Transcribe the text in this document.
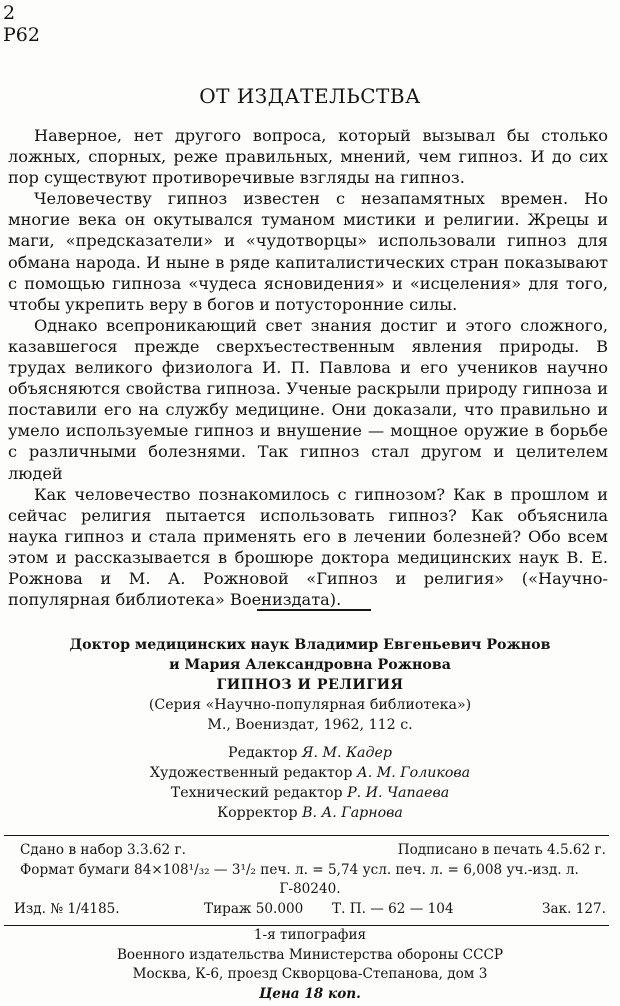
2
Р62
ОТ ИЗДАТЕЛЬСТВА

Наверное, нет другого вопроса, который вызывал бы столько ложных, спорных, реже правильных, мнений, чем гипноз. И до сих пор существуют противоречивые взгляды на гипноз.

Человечеству гипноз известен с незапамятных времен. Но многие века он окутывался туманом мистики и религии. Жрецы и маги, «предсказатели» и «чудотворцы» использовали гипноз для обмана народа. И ныне в ряде капиталистических стран показывают с помощью гипноза «чудеса ясновидения» и «исцеления» для того, чтобы укрепить веру в богов и потусторонние силы.

Однако всепроникающий свет знания достиг и этого сложного, казавшегося прежде сверхъестественным явления природы. В трудах великого физиолога И. П. Павлова и его учеников научно объясняются свойства гипноза. Ученые раскрыли природу гипноза и поставили его на службу медицине. Они доказали, что правильно и умело используемые гипноз и внушение — мощное оружие в борьбе с различными болезнями. Так гипноз стал другом и целителем людей

Как человечество познакомилось с гипнозом? Как в прошлом и сейчас религия пытается использовать гипноз? Как объяснила наука гипноз и стала применять его в лечении болезней? Обо всем этом и рассказывается в брошюре доктора медицинских наук В. Е. Рожнова и М. А. Рожновой «Гипноз и религия» («Научно-популярная библиотека» Воениздата).

Доктор медицинских наук Владимир Евгеньевич Рожнов
и Мария Александровна Рожнова
ГИПНОЗ И РЕЛИГИЯ
(Серия «Научно-популярная библиотека»)
М., Воениздат, 1962, 112 с.
Редактор Я. М. Кадер
Художественный редактор А. М. Голикова
Технический редактор Р. И. Чапаева
Корректор В. А. Гарнова
Сдано в набор 3.3.62 г.	Подписано в печать 4.5.62 г.
Формат бумаги 84×108¹/₃₂ — 3¹/₂ печ. л. = 5,74 усл. печ. л. = 6,008 уч.-изд. л.
Г-80240.
Изд. № 1/4185.	Тираж 50.000 Т. П. — 62 — 104	Зак. 127.
1-я типография
Военного издательства Министерства обороны СССР
Москва, К-6, проезд Скворцова-Степанова, дом 3
Цена 18 коп.
